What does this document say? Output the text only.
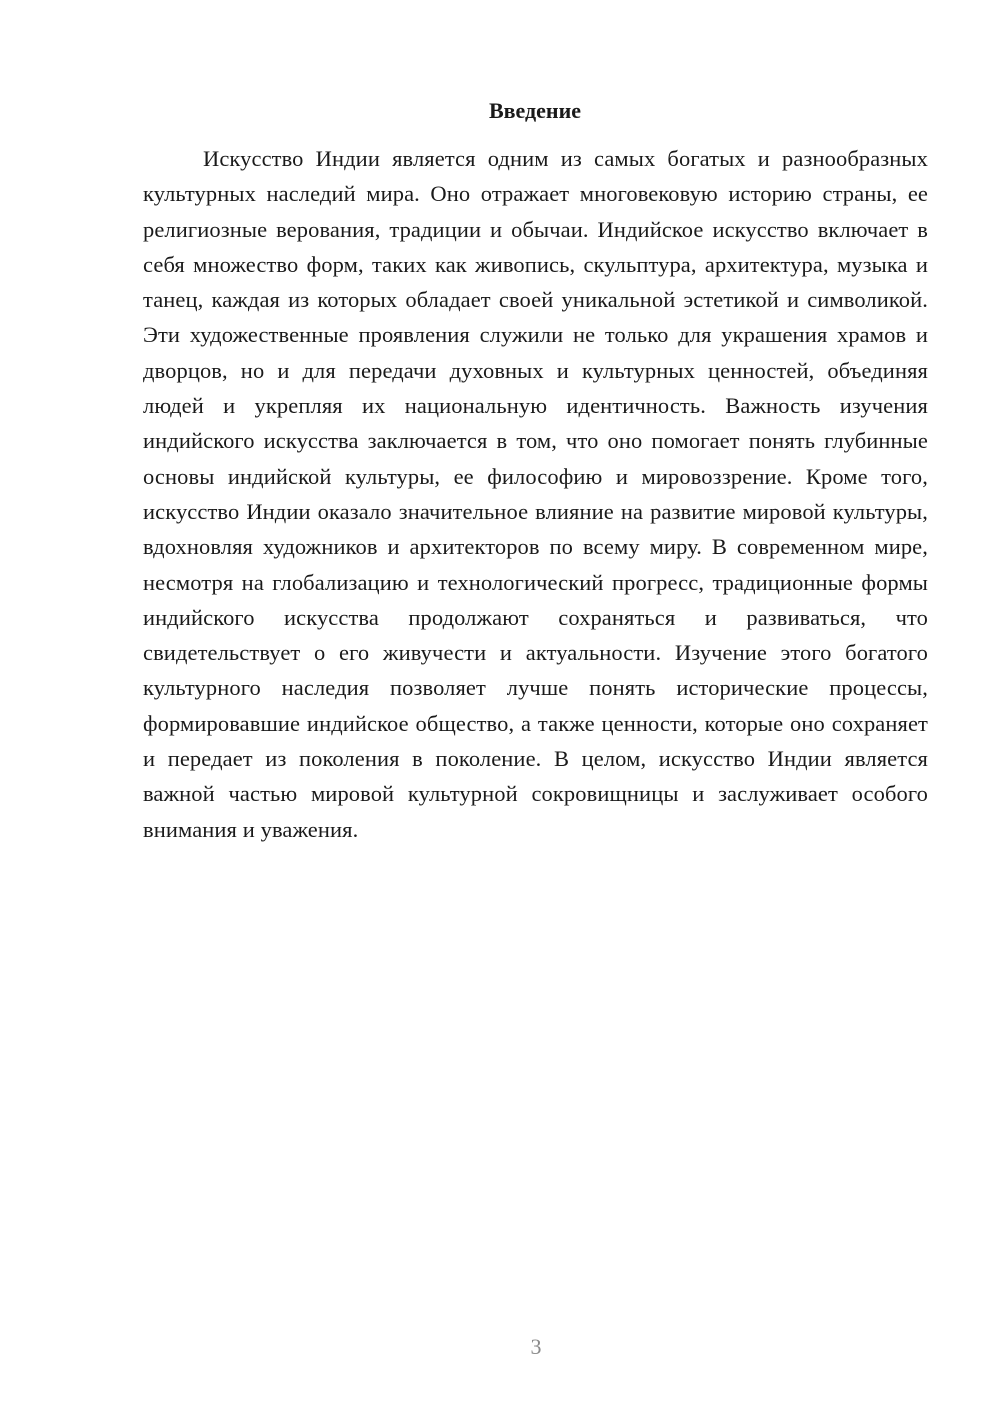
Введение

Искусство Индии является одним из самых богатых и разнообразных культурных наследий мира. Оно отражает многовековую историю страны, ее религиозные верования, традиции и обычаи. Индийское искусство включает в себя множество форм, таких как живопись, скульптура, архитектура, музыка и танец, каждая из которых обладает своей уникальной эстетикой и символикой. Эти художественные проявления служили не только для украшения храмов и дворцов, но и для передачи духовных и культурных ценностей, объединяя людей и укрепляя их национальную идентичность. Важность изучения индийского искусства заключается в том, что оно помогает понять глубинные основы индийской культуры, ее философию и мировоззрение. Кроме того, искусство Индии оказало значительное влияние на развитие мировой культуры, вдохновляя художников и архитекторов по всему миру. В современном мире, несмотря на глобализацию и технологический прогресс, традиционные формы индийского искусства продолжают сохраняться и развиваться, что свидетельствует о его живучести и актуальности. Изучение этого богатого культурного наследия позволяет лучше понять исторические процессы, формировавшие индийское общество, а также ценности, которые оно сохраняет и передает из поколения в поколение. В целом, искусство Индии является важной частью мировой культурной сокровищницы и заслуживает особого внимания и уважения.

3
